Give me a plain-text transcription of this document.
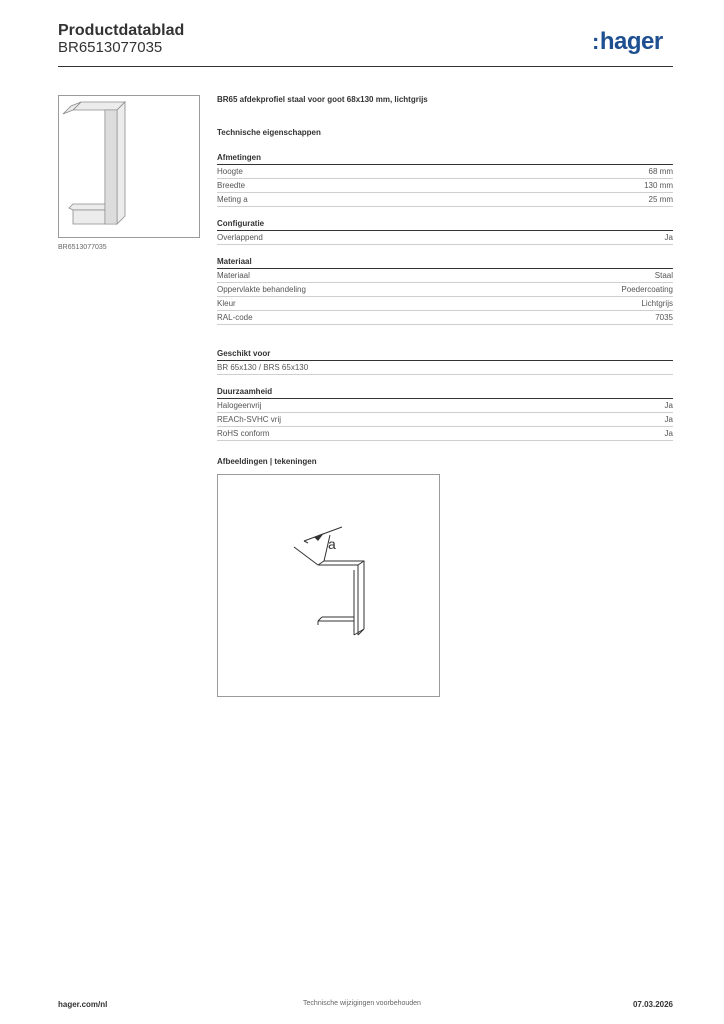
Productdatablad
BR6513077035	:hager
BR6513077035
BR65 afdekprofiel staal voor goot 68x130 mm, lichtgrijs
Technische eigenschappen
Afmetingen
Hoogte	68 mm
Breedte	130 mm
Meting a	25 mm
Configuratie
Overlappend	Ja
Materiaal
Materiaal	Staal
Oppervlakte behandeling	Poedercoating
Kleur	Lichtgrijs
RAL-code	7035
Geschikt voor
BR 65x130 / BRS 65x130
Duurzaamheid
Halogeenvrij	Ja
REACh-SVHC vrij	Ja
RoHS conform	Ja
Afbeeldingen | tekeningen
a
hager.com/nl	Technische wijzigingen voorbehouden	07.03.2026
